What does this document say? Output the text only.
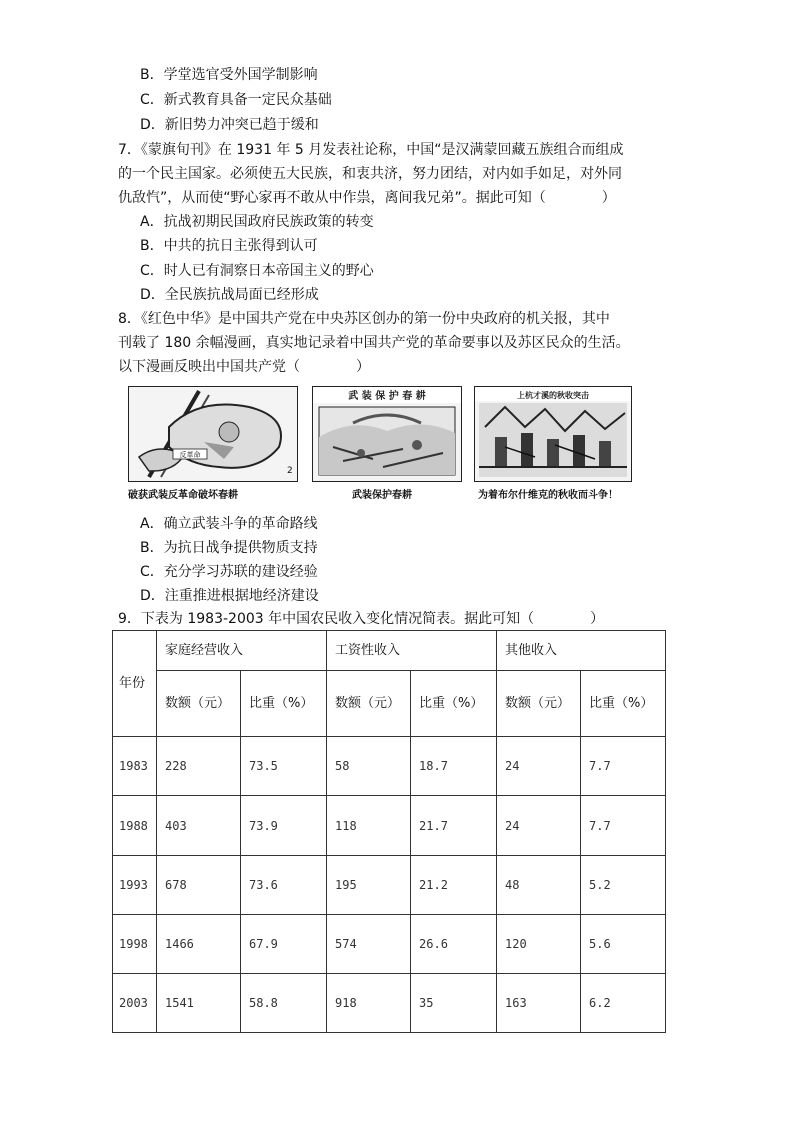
B．学堂选官受外国学制影响
C．新式教育具备一定民众基础
D．新旧势力冲突已趋于缓和
7．《蒙旗旬刊》在 1931 年 5 月发表社论称，中国“是汉满蒙回藏五族组合而组成
的一个民主国家。必须使五大民族，和衷共济，努力团结，对内如手如足，对外同
仇敌忾”，从而使“野心家再不敢从中作祟，离间我兄弟”。据此可知（　　　　）
A．抗战初期民国政府民族政策的转变
B．中共的抗日主张得到认可
C．时人已有洞察日本帝国主义的野心
D．全民族抗战局面已经形成
8．《红色中华》是中国共产党在中央苏区创办的第一份中央政府的机关报，其中
刊载了 180 余幅漫画，真实地记录着中国共产党的革命要事以及苏区民众的生活。
以下漫画反映出中国共产党（　　　　）
反革命
2
武 装 保 护 春 耕	上杭才溪的秋收突击
破获武装反革命破坏春耕	武装保护春耕	为着布尔什维克的秋收而斗争！
A．确立武装斗争的革命路线
B．为抗日战争提供物质支持
C．充分学习苏联的建设经验
D．注重推进根据地经济建设
9．下表为 1983-2003 年中国农民收入变化情况简表。据此可知（　　　　）
年份	家庭经营收入		工资性收入		其他收入	
	数额（元）	比重（%）	数额（元）	比重（%）	数额（元）	比重（%）
1983	228	73.5	58	18.7	24	7.7
1988	403	73.9	118	21.7	24	7.7
1993	678	73.6	195	21.2	48	5.2
1998	1466	67.9	574	26.6	120	5.6
2003	1541	58.8	918	35	163	6.2
